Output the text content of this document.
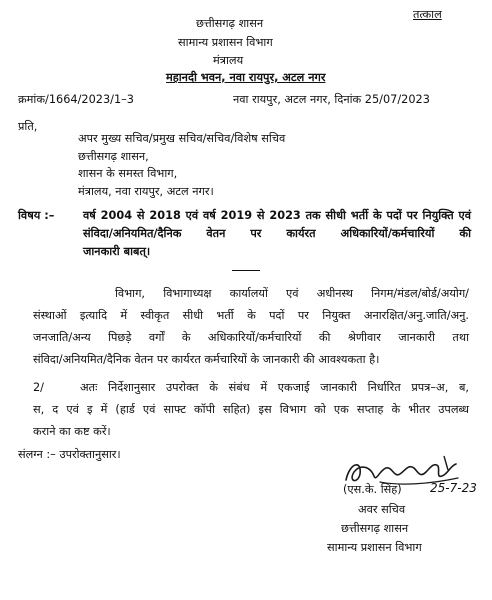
तत्काल
छत्तीसगढ़ शासन
सामान्य प्रशासन विभाग
मंत्रालय
महानदी भवन, नवा रायपुर, अटल नगर
क्रमांक/1664/2023/1–3	नवा रायपुर, अटल नगर, दिनांक 25/07/2023
प्रति,
अपर मुख्य सचिव/प्रमुख सचिव/सचिव/विशेष सचिव
छत्तीसगढ़ शासन,
शासन के समस्त विभाग,
मंत्रालय, नवा रायपुर, अटल नगर।
विषय :–	वर्ष 2004 से 2018 एवं वर्ष 2019 से 2023 तक सीधी भर्ती के पदों पर नियुक्ति एवं
संविदा/अनियमित/दैनिक वेतन पर कार्यरत अधिकारियों/कर्मचारियों की
जानकारी बाबत्।
विभाग, विभागाध्यक्ष कार्यालयों एवं अधीनस्थ निगम/मंडल/बोर्ड/अयोग/
संस्थाओं इत्यादि में स्वीकृत सीधी भर्ती के पदों पर नियुक्त अनारक्षित/अनु.जाति/अनु.
जनजाति/अन्य पिछड़े वर्गों के अधिकारियों/कर्मचारियों की श्रेणीवार जानकारी तथा
संविदा/अनियमित/दैनिक वेतन पर कार्यरत कर्मचारियों के जानकारी की आवश्यकता है।
2/	अतः निर्देशानुसार उपरोक्त के संबंध में एकजाई जानकारी निर्धारित प्रपत्र–अ, ब,
स, द एवं इ में (हार्ड एवं साफ्ट कॉपी सहित) इस विभाग को एक सप्ताह के भीतर उपलब्ध
कराने का कष्ट करें।
संलग्न :– उपरोक्तानुसार।
(एस.के. सिंह) 25-7-23
अवर सचिव
छत्तीसगढ़ शासन
सामान्य प्रशासन विभाग
